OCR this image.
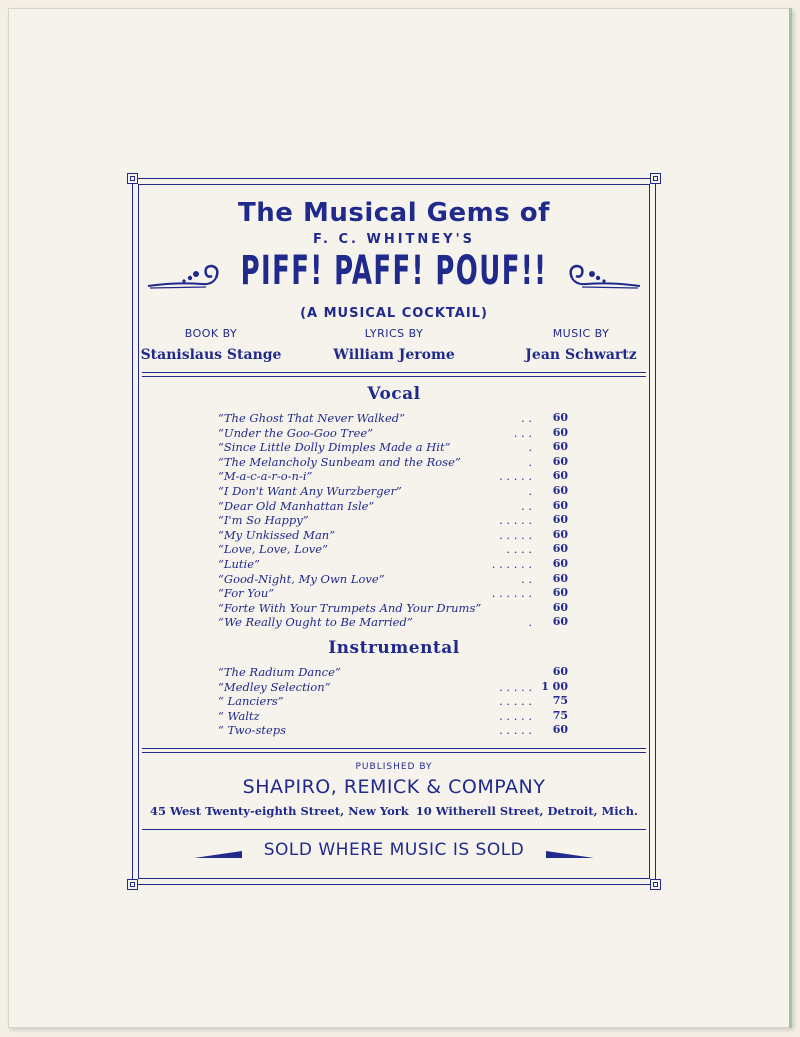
The Musical Gems of
F. C. WHITNEY'S
PIFF! PAFF! POUF!!
(A MUSICAL COCKTAIL)
BOOK BY
Stanislaus Stange
LYRICS BY
William Jerome
MUSIC BY
Jean Schwartz
Vocal
“The Ghost That Never Walked”	. .	60
“Under the Goo-Goo Tree”	. . .	60
“Since Little Dolly Dimples Made a Hit”	.	60
“The Melancholy Sunbeam and the Rose”	.	60
“M-a-c-a-r-o-n-i”	. . . . .	60
“I Don't Want Any Wurzberger”	.	60
“Dear Old Manhattan Isle”	. .	60
“I'm So Happy”	. . . . .	60
“My Unkissed Man”	. . . . .	60
“Love, Love, Love”	. . . .	60
“Lutie”	. . . . . .	60
“Good-Night, My Own Love”	. .	60
“For You”	. . . . . .	60
“Forte With Your Trumpets And Your Drums”	60
“We Really Ought to Be Married”	.	60
Instrumental
“The Radium Dance”	60
“Medley Selection”	. . . . . 1 00
“ Lanciers”	. . . . .	75
“ Waltz	. . . . .	75
“ Two-steps	. . . . .	60
PUBLISHED BY
SHAPIRO, REMICK & COMPANY
45 West Twenty-eighth Street, New York 10 Witherell Street, Detroit, Mich.
SOLD WHERE MUSIC IS SOLD
